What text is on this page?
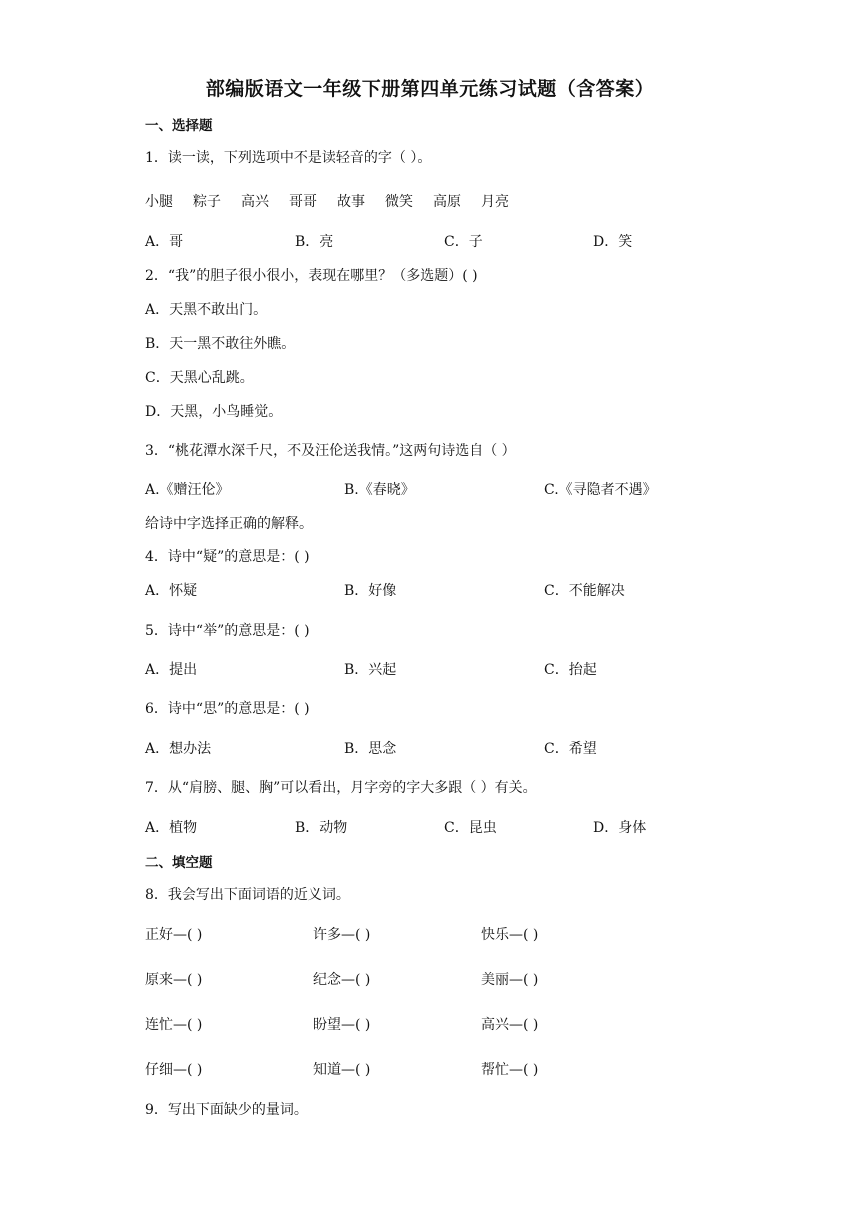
部编版语文一年级下册第四单元练习试题（含答案）
一、选择题
1．读一读，下列选项中不是读轻音的字（ ）。
小腿 粽子 高兴 哥哥 故事 微笑 高原 月亮
A．哥	B．亮	C．子	D．笑
2．“我”的胆子很小很小，表现在哪里？（多选题）( )
A．天黑不敢出门。
B．天一黑不敢往外瞧。
C．天黑心乱跳。
D．天黑，小鸟睡觉。
3．“桃花潭水深千尺，不及汪伦送我情。”这两句诗选自（ ）
A.《赠汪伦》	B.《春晓》	C.《寻隐者不遇》
给诗中字选择正确的解释。
4．诗中“疑”的意思是：( )
A．怀疑	B．好像	C．不能解决
5．诗中“举”的意思是：( )
A．提出	B．兴起	C．抬起
6．诗中“思”的意思是：( )
A．想办法	B．思念	C．希望
7．从“肩膀、腿、胸”可以看出，月字旁的字大多跟（ ）有关。
A．植物	B．动物	C．昆虫	D．身体
二、填空题
8．我会写出下面词语的近义词。
正好—( )	许多—( )	快乐—( )
原来—( )	纪念—( )	美丽—( )
连忙—( )	盼望—( )	高兴—( )
仔细—( )	知道—( )	帮忙—( )
9．写出下面缺少的量词。
